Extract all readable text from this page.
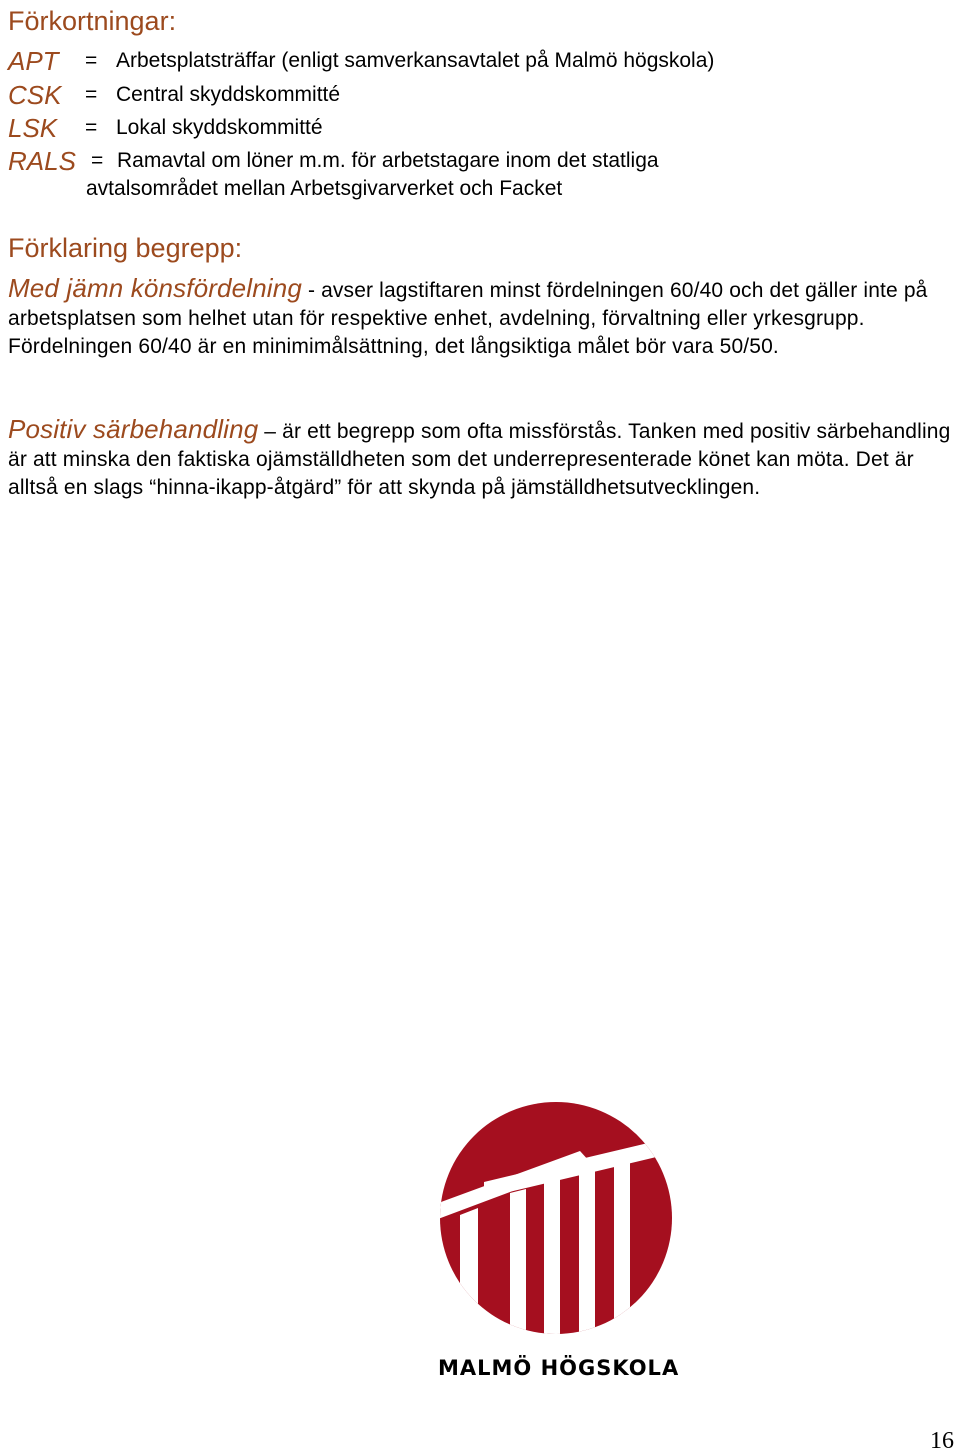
Förkortningar:
APT = Arbetsplatsträffar (enligt samverkansavtalet på Malmö högskola)
CSK = Central skyddskommitté
LSK = Lokal skyddskommitté
RALS = Ramavtal om löner m.m. för arbetstagare inom det statliga
avtalsområdet mellan Arbetsgivarverket och Facket
Förklaring begrepp:

Med jämn könsfördelning - avser lagstiftaren minst fördelningen 60/40 och det gäller inte på arbetsplatsen som helhet utan för respektive enhet, avdelning, förvaltning eller yrkesgrupp. Fördelningen 60/40 är en minimimålsättning, det långsiktiga målet bör vara 50/50.

Positiv särbehandling – är ett begrepp som ofta missförstås. Tanken med positiv särbehandling är att minska den faktiska ojämställdheten som det underrepresenterade könet kan möta. Det är alltså en slags “hinna-ikapp-åtgärd” för att skynda på jämställdhetsutvecklingen.

MALMÖ HÖGSKOLA
16
